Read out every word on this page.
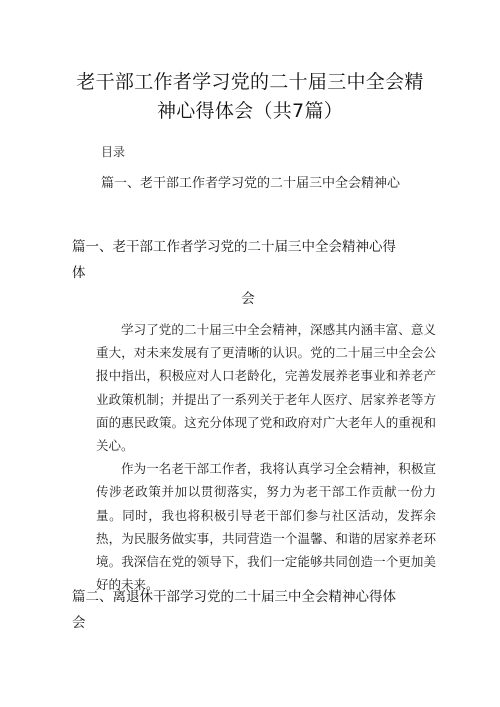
老干部工作者学习党的二十届三中全会精
神心得体会（共7篇）
目录
篇一、老干部工作者学习党的二十届三中全会精神心
篇一、老干部工作者学习党的二十届三中全会精神心得体
会

学习了党的二十届三中全会精神，深感其内涵丰富、意义重大，对未来发展有了更清晰的认识。党的二十届三中全会公报中指出，积极应对人口老龄化，完善发展养老事业和养老产业政策机制；并提出了一系列关于老年人医疗、居家养老等方面的惠民政策。这充分体现了党和政府对广大老年人的重视和关心。

作为一名老干部工作者，我将认真学习全会精神，积极宣传涉老政策并加以贯彻落实，努力为老干部工作贡献一份力量。同时，我也将积极引导老干部们参与社区活动，发挥余热，为民服务做实事，共同营造一个温馨、和谐的居家养老环境。我深信在党的领导下，我们一定能够共同创造一个更加美好的未来。

篇二、离退休干部学习党的二十届三中全会精神心得体会
